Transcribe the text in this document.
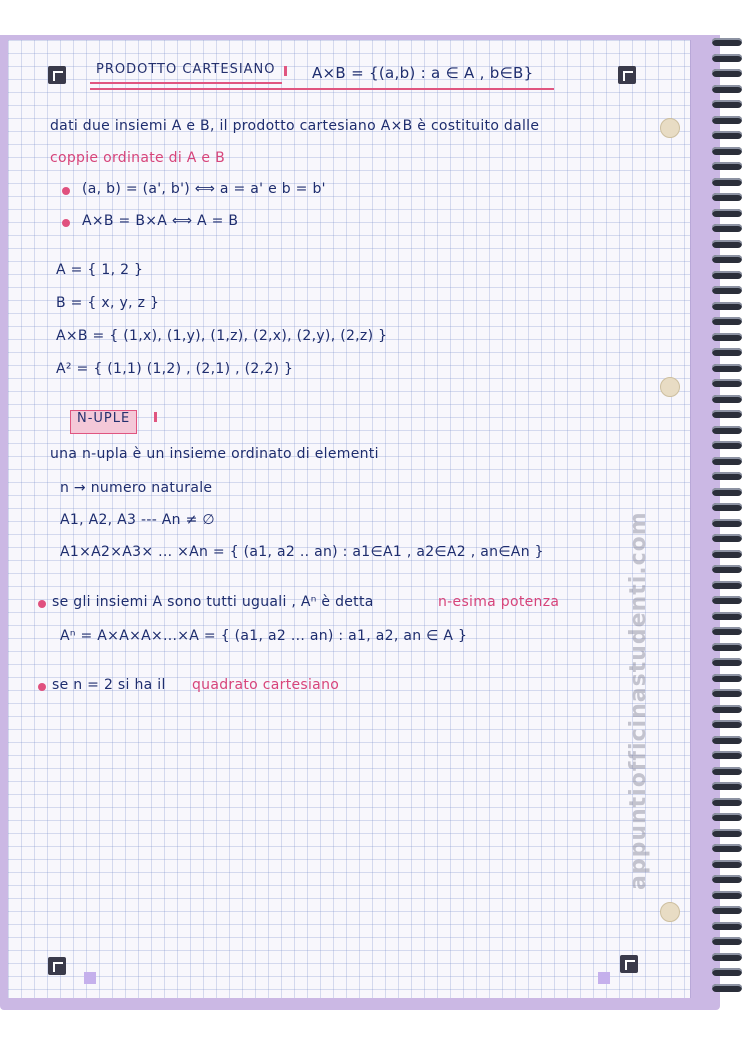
PRODOTTO CARTESIANO	A×B = {(a,b) : a ∈ A , b∈B}
dati due insiemi A e B, il prodotto cartesiano A×B è costituito dalle
coppie ordinate di A e B
(a, b) = (a', b') ⟺ a = a' e b = b'
A×B = B×A ⟺ A = B
A = { 1, 2 }
B = { x, y, z }
A×B = { (1,x), (1,y), (1,z), (2,x), (2,y), (2,z) }
A² = { (1,1) (1,2) , (2,1) , (2,2) }
N-UPLE
una n-upla è un insieme ordinato di elementi
n → numero naturale
A1, A2, A3 --- An ≠ ∅
A1×A2×A3× ... ×An = { (a1, a2 .. an) : a1∈A1 , a2∈A2 , an∈An }
se gli insiemi A sono tutti uguali , Aⁿ è detta	n-esima potenza
Aⁿ = A×A×A×...×A = { (a1, a2 ... an) : a1, a2, an ∈ A }
se n = 2 si ha il quadrato cartesiano	appuntiofficinastudenti.com
